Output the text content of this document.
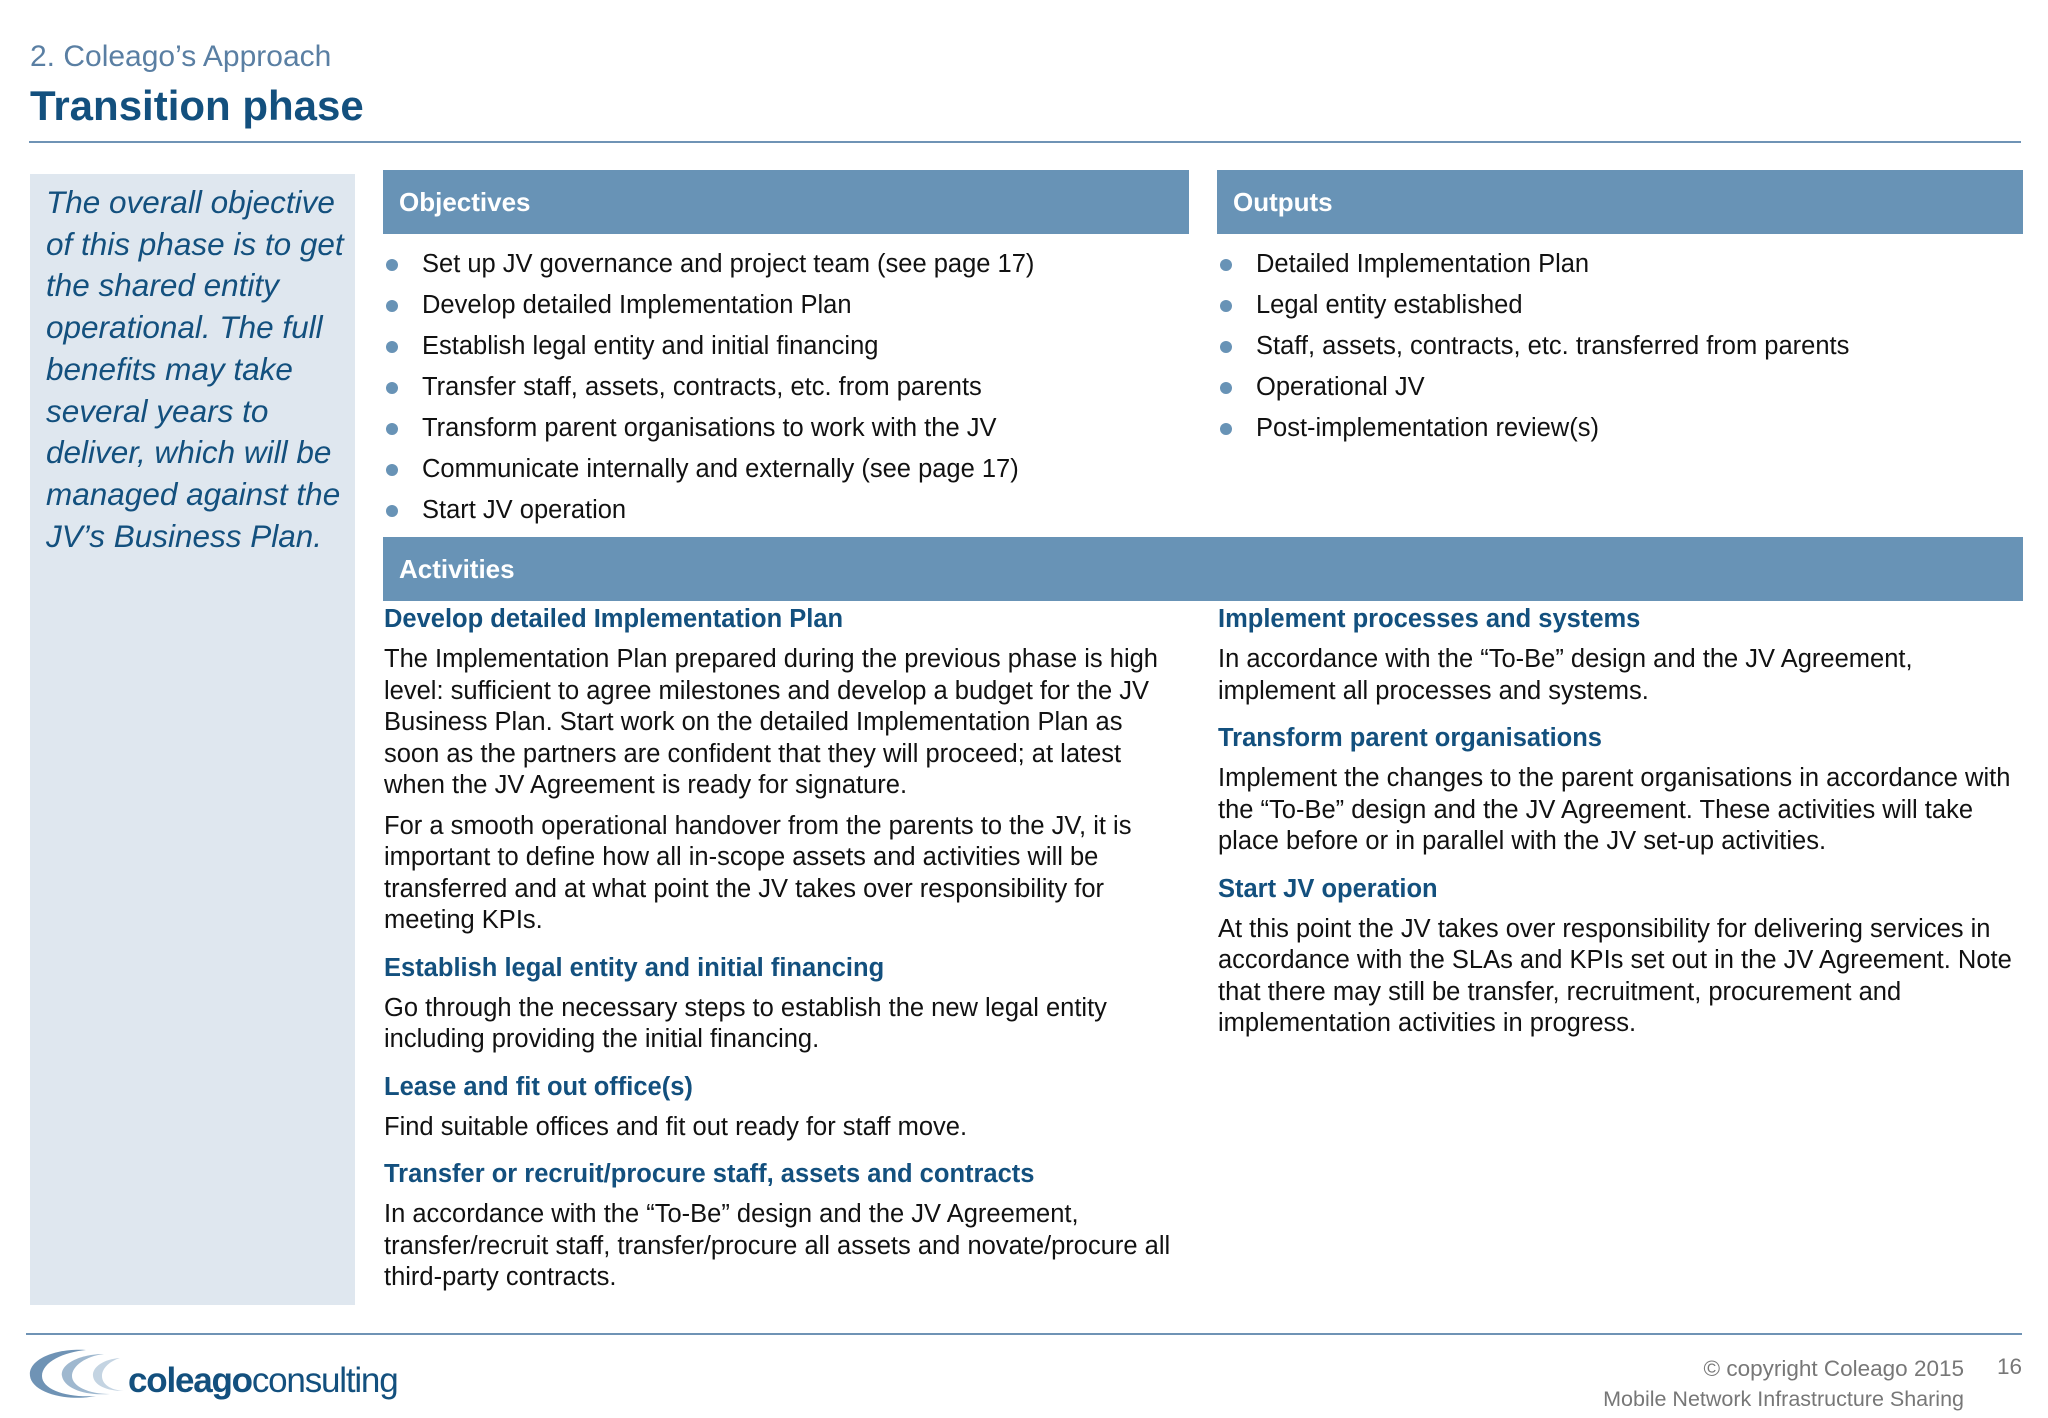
2. Coleago’s Approach
Transition phase
The overall objective of this phase is to get the shared entity operational. The full benefits may take several years to deliver, which will be managed against the JV’s Business Plan.
Objectives	Outputs
Set up JV governance and project team (see page 17)
Develop detailed Implementation Plan
Establish legal entity and initial financing
Transfer staff, assets, contracts, etc. from parents
Transform parent organisations to work with the JV
Communicate internally and externally (see page 17)
Start JV operation
Detailed Implementation Plan
Legal entity established
Staff, assets, contracts, etc. transferred from parents
Operational JV
Post-implementation review(s)
Activities
Develop detailed Implementation Plan

The Implementation Plan prepared during the previous phase is high level: sufficient to agree milestones and develop a budget for the JV Business Plan. Start work on the detailed Implementation Plan as soon as the partners are confident that they will proceed; at latest when the JV Agreement is ready for signature.

For a smooth operational handover from the parents to the JV, it is important to define how all in-scope assets and activities will be transferred and at what point the JV takes over responsibility for meeting KPIs.

Establish legal entity and initial financing

Go through the necessary steps to establish the new legal entity including providing the initial financing.

Lease and fit out office(s)

Find suitable offices and fit out ready for staff move.

Transfer or recruit/procure staff, assets and contracts

In accordance with the “To-Be” design and the JV Agreement, transfer/recruit staff, transfer/procure all assets and novate/procure all third-party contracts.

Implement processes and systems

In accordance with the “To-Be” design and the JV Agreement, implement all processes and systems.

Transform parent organisations

Implement the changes to the parent organisations in accordance with the “To-Be” design and the JV Agreement. These activities will take place before or in parallel with the JV set-up activities.

Start JV operation

At this point the JV takes over responsibility for delivering services in accordance with the SLAs and KPIs set out in the JV Agreement. Note that there may still be transfer, recruitment, procurement and implementation activities in progress.

coleagoconsulting	© copyright Coleago 2015 16
Mobile Network Infrastructure Sharing
